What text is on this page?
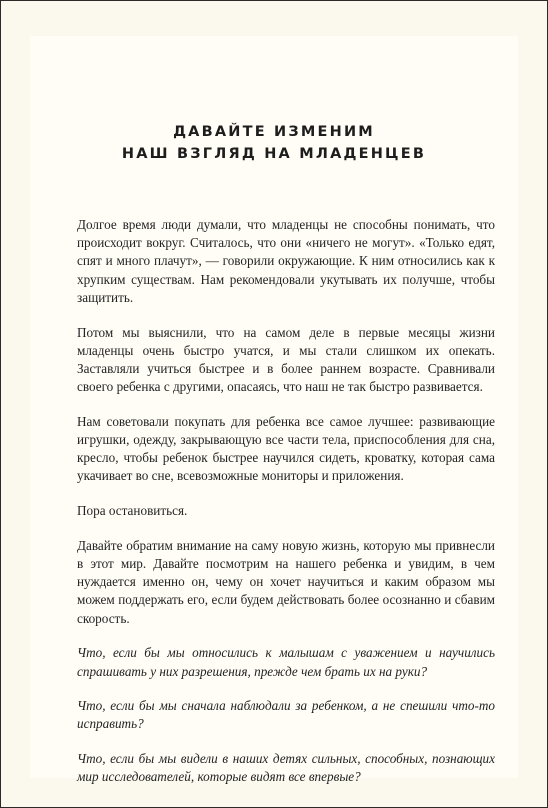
ДАВАЙТЕ ИЗМЕНИМ
НАШ ВЗГЛЯД НА МЛАДЕНЦЕВ

Долгое время люди думали, что младенцы не способны понимать, что происходит вокруг. Считалось, что они «ничего не могут». «Только едят, спят и много плачут», — говорили окружающие. К ним относились как к хрупким существам. Нам рекомендовали укутывать их получше, чтобы защитить.

Потом мы выяснили, что на самом деле в первые месяцы жизни младенцы очень быстро учатся, и мы стали слишком их опекать. Заставляли учиться быстрее и в более раннем возрасте. Сравнивали своего ребенка с другими, опасаясь, что наш не так быстро развивается.

Нам советовали покупать для ребенка все самое лучшее: развивающие игрушки, одежду, закрывающую все части тела, приспособления для сна, кресло, чтобы ребенок быстрее научился сидеть, кроватку, которая сама укачивает во сне, всевозможные мониторы и приложения.

Пора остановиться.

Давайте обратим внимание на саму новую жизнь, которую мы привнесли в этот мир. Давайте посмотрим на нашего ребенка и увидим, в чем нуждается именно он, чему он хочет научиться и каким образом мы можем поддержать его, если будем действовать более осознанно и сбавим скорость.

Что, если бы мы относились к малышам с уважением и научились спрашивать у них разрешения, прежде чем брать их на руки?

Что, если бы мы сначала наблюдали за ребенком, а не спешили что-то исправить?

Что, если бы мы видели в наших детях сильных, способных, познающих мир исследователей, которые видят все впервые?
